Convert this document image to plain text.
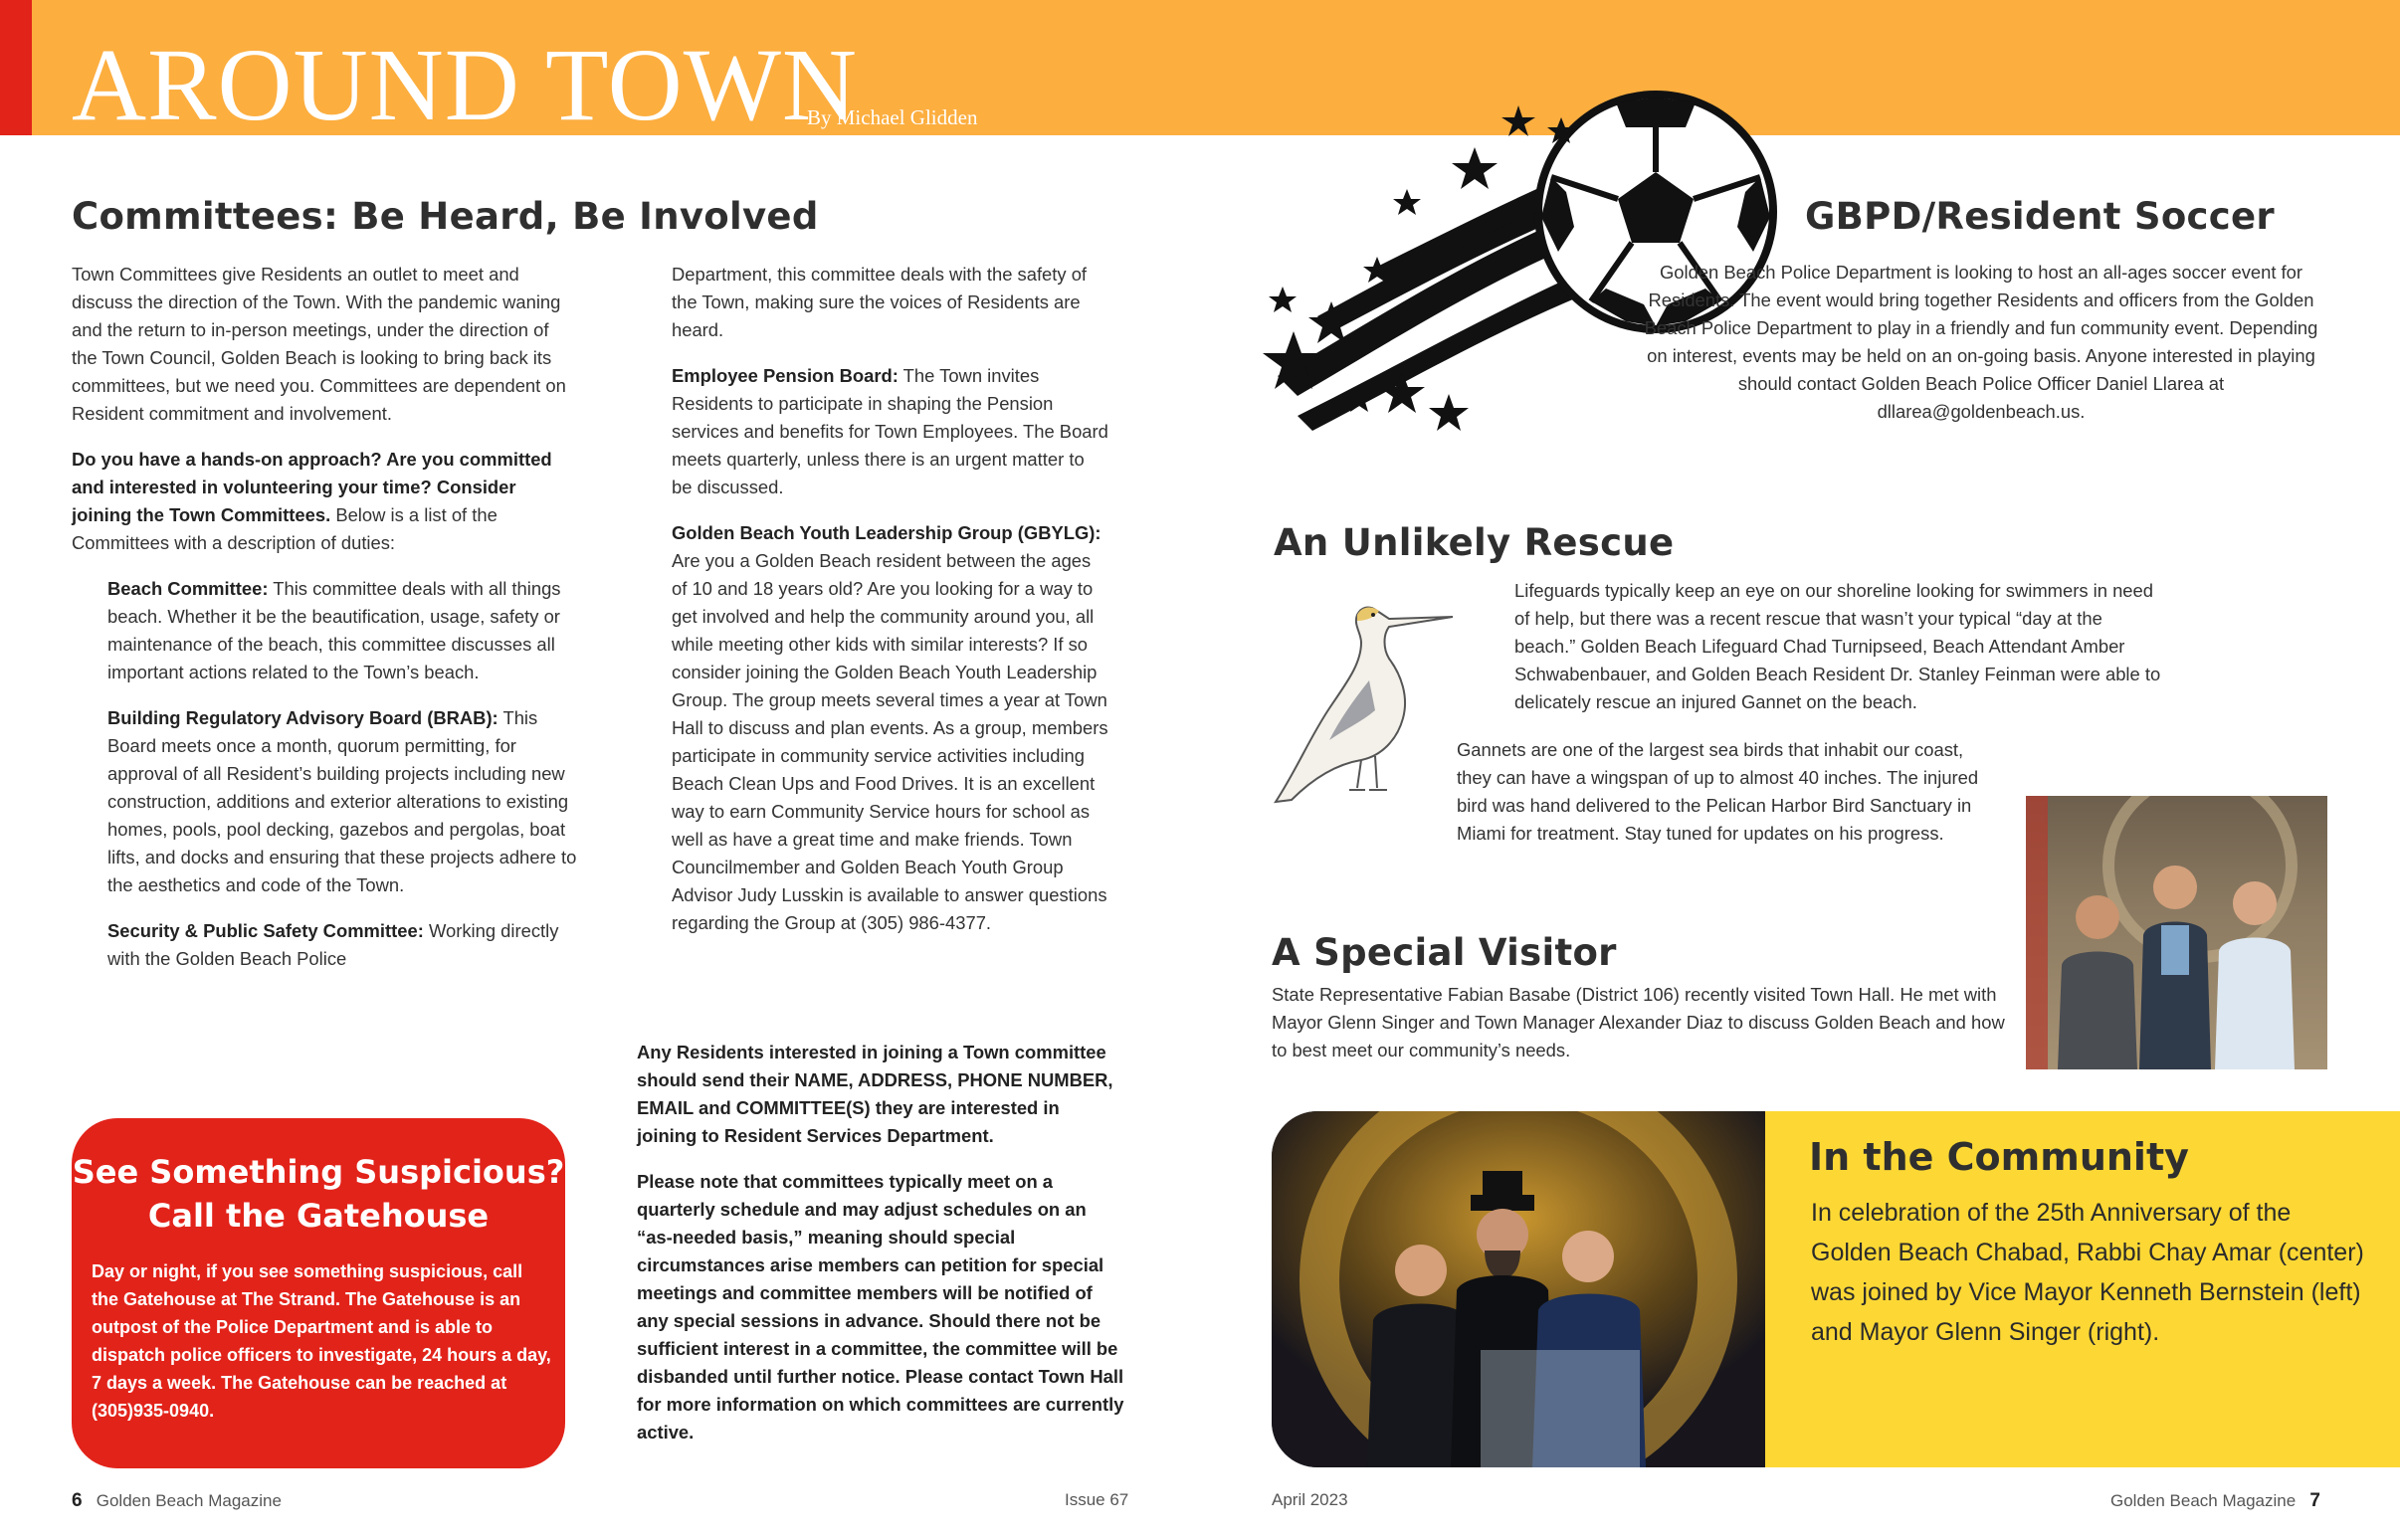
AROUND TOWN
By Michael Glidden
Committees: Be Heard, Be Involved

Town Committees give Residents an outlet to meet and discuss the direction of the Town. With the pandemic waning and the return to in-person meetings, under the direction of the Town Council, Golden Beach is looking to bring back its committees, but we need you. Committees are dependent on Resident commitment and involvement.

Do you have a hands-on approach? Are you committed and interested in volunteering your time? Consider joining the Town Committees. Below is a list of the Committees with a description of duties:

Beach Committee: This committee deals with all things beach. Whether it be the beautification, usage, safety or maintenance of the beach, this committee discusses all important actions related to the Town’s beach.

Building Regulatory Advisory Board (BRAB): This Board meets once a month, quorum permitting, for approval of all Resident’s building projects including new construction, additions and exterior alterations to existing homes, pools, pool decking, gazebos and pergolas, boat lifts, and docks and ensuring that these projects adhere to the aesthetics and code of the Town.

Security & Public Safety Committee: Working directly with the Golden Beach Police

Department, this committee deals with the safety of the Town, making sure the voices of Residents are heard.

Employee Pension Board: The Town invites Residents to participate in shaping the Pension services and benefits for Town Employees. The Board meets quarterly, unless there is an urgent matter to be discussed.

Golden Beach Youth Leadership Group (GBYLG): Are you a Golden Beach resident between the ages of 10 and 18 years old? Are you looking for a way to get involved and help the community around you, all while meeting other kids with similar interests? If so consider joining the Golden Beach Youth Leadership Group. The group meets several times a year at Town Hall to discuss and plan events. As a group, members participate in community service activities including Beach Clean Ups and Food Drives. It is an excellent way to earn Community Service hours for school as well as have a great time and make friends. Town Councilmember and Golden Beach Youth Group Advisor Judy Lusskin is available to answer questions regarding the Group at (305) 986-4377.

Any Residents interested in joining a Town committee should send their NAME, ADDRESS, PHONE NUMBER, EMAIL and COMMITTEE(S) they are interested in joining to Resident Services Department.

Please note that committees typically meet on a quarterly schedule and may adjust schedules on an “as-needed basis,” meaning should special circumstances arise members can petition for special meetings and committee members will be notified of any special sessions in advance. Should there not be sufficient interest in a committee, the committee will be disbanded until further notice. Please contact Town Hall for more information on which committees are currently active.

See Something Suspicious?
Call the Gatehouse
Day or night, if you see something suspicious, call the Gatehouse at The Strand. The Gatehouse is an outpost of the Police Department and is able to dispatch police officers to investigate, 24 hours a day, 7 days a week. The Gatehouse can be reached at (305)935-0940.
GBPD/Resident Soccer
Golden Beach Police Department is looking to host an all-ages soccer event for Residents. The event would bring together Residents and officers from the Golden Beach Police Department to play in a friendly and fun community event. Depending on interest, events may be held on an on-going basis. Anyone interested in playing should contact Golden Beach Police Officer Daniel Llarea at dllarea@goldenbeach.us.
An Unlikely Rescue

Lifeguards typically keep an eye on our shoreline looking for swimmers in need of help, but there was a recent rescue that wasn’t your typical “day at the beach.” Golden Beach Lifeguard Chad Turnipseed, Beach Attendant Amber Schwabenbauer, and Golden Beach Resident Dr. Stanley Feinman were able to delicately rescue an injured Gannet on the beach.

Gannets are one of the largest sea birds that inhabit our coast, they can have a wingspan of up to almost 40 inches. The injured bird was hand delivered to the Pelican Harbor Bird Sanctuary in Miami for treatment. Stay tuned for updates on his progress.

A Special Visitor
State Representative Fabian Basabe (District 106) recently visited Town Hall. He met with Mayor Glenn Singer and Town Manager Alexander Diaz to discuss Golden Beach and how to best meet our community’s needs.
In the Community
In celebration of the 25th Anniversary of the Golden Beach Chabad, Rabbi Chay Amar (center) was joined by Vice Mayor Kenneth Bernstein (left) and Mayor Glenn Singer (right).
6 Golden Beach Magazine	Issue 67	April 2023	Golden Beach Magazine 7
